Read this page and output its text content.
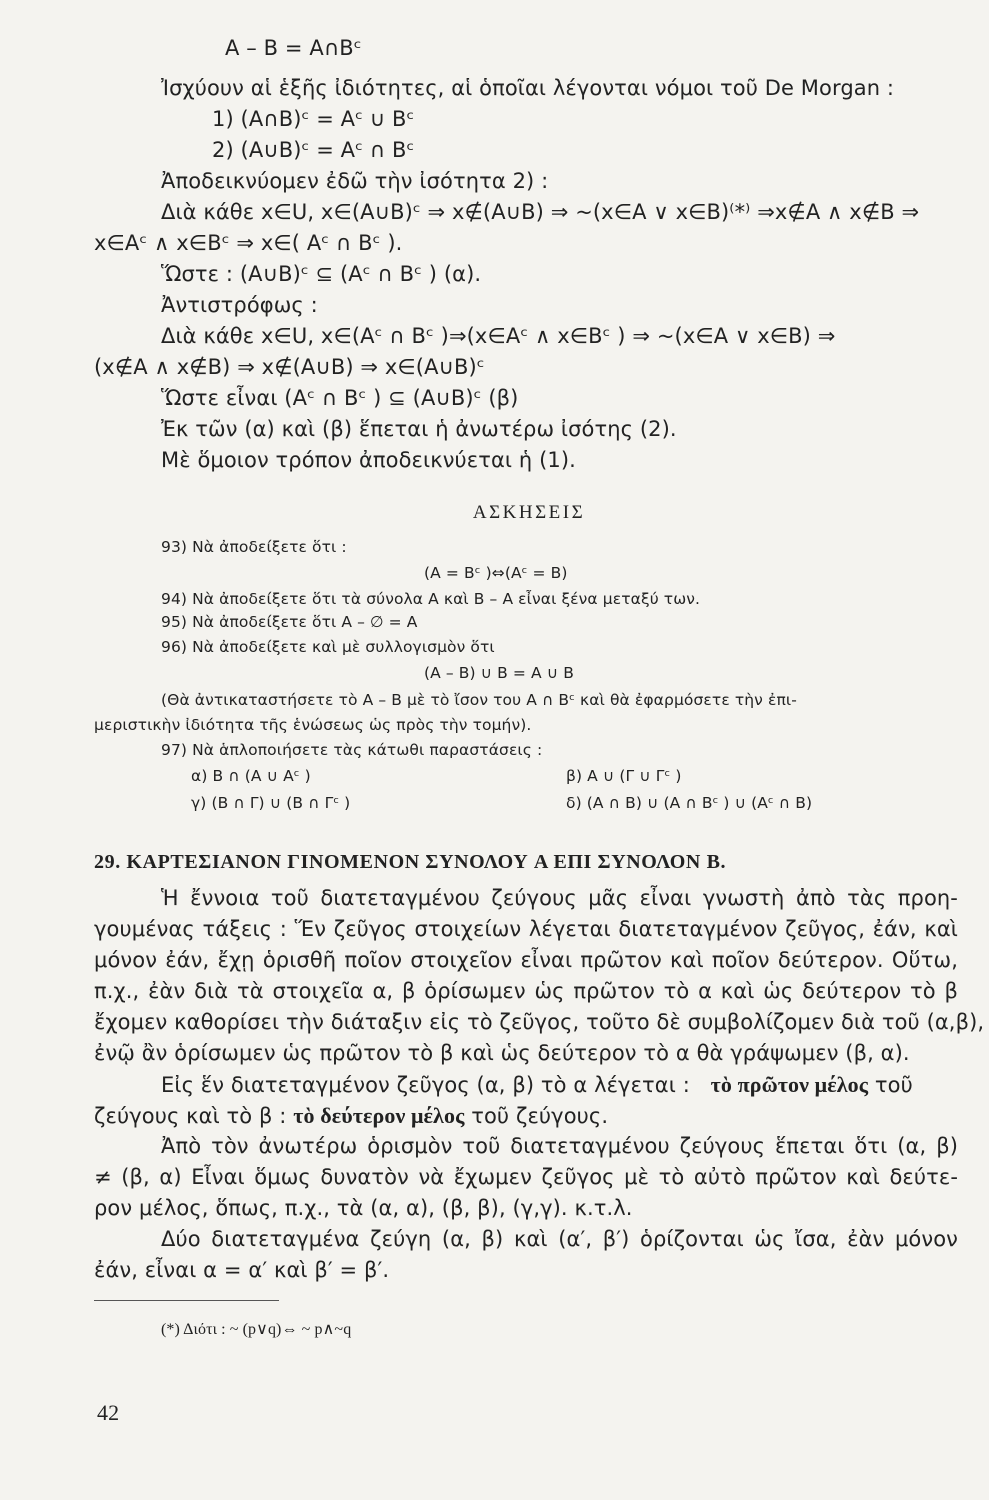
A – B = A∩Bᶜ
Ἰσχύουν αἱ ἑξῆς ἰδιότητες, αἱ ὁποῖαι λέγονται νόμοι τοῦ De Morgan :
1) (A∩B)ᶜ = Aᶜ ∪ Bᶜ
2) (A∪B)ᶜ = Aᶜ ∩ Bᶜ
Ἀποδεικνύομεν ἐδῶ τὴν ἰσότητα 2) :
Διὰ κάθε x∈U, x∈(A∪B)ᶜ ⇒ x∉(A∪B) ⇒ ~(x∈A ∨ x∈B)⁽*⁾ ⇒x∉A ∧ x∉B ⇒
x∈Aᶜ ∧ x∈Bᶜ ⇒ x∈( Aᶜ ∩ Bᶜ ).
Ὥστε : (A∪B)ᶜ ⊆ (Aᶜ ∩ Bᶜ ) (α).
Ἀντιστρόφως :
Διὰ κάθε x∈U, x∈(Aᶜ ∩ Bᶜ )⇒(x∈Aᶜ ∧ x∈Bᶜ ) ⇒ ~(x∈A ∨ x∈B) ⇒
(x∉A ∧ x∉B) ⇒ x∉(A∪B) ⇒ x∈(A∪B)ᶜ
Ὥστε εἶναι (Aᶜ ∩ Bᶜ ) ⊆ (A∪B)ᶜ (β)
Ἐκ τῶν (α) καὶ (β) ἕπεται ἡ ἀνωτέρω ἰσότης (2).
Μὲ ὅμοιον τρόπον ἀποδεικνύεται ἡ (1).
ΑΣΚΗΣΕΙΣ
93) Νὰ ἀποδείξετε ὅτι :
(A = Bᶜ )⇔(Aᶜ = B)
94) Νὰ ἀποδείξετε ὅτι τὰ σύνολα A καὶ B – A εἶναι ξένα μεταξύ των.
95) Νὰ ἀποδείξετε ὅτι A – ∅ = A
96) Νὰ ἀποδείξετε καὶ μὲ συλλογισμὸν ὅτι
(A – B) ∪ B = A ∪ B
(Θὰ ἀντικαταστήσετε τὸ A – B μὲ τὸ ἴσον του A ∩ Bᶜ καὶ θὰ ἐφαρμόσετε τὴν ἐπι-
μεριστικὴν ἰδιότητα τῆς ἑνώσεως ὡς πρὸς τὴν τομήν).
97) Νὰ ἁπλοποιήσετε τὰς κάτωθι παραστάσεις :
α) B ∩ (A ∪ Aᶜ )	β) A ∪ (Γ ∪ Γᶜ )
γ) (B ∩ Γ) ∪ (B ∩ Γᶜ )	δ) (A ∩ B) ∪ (A ∩ Bᶜ ) ∪ (Aᶜ ∩ B)
29. ΚΑΡΤΕΣΙΑΝΟΝ ΓΙΝΟΜΕΝΟΝ ΣΥΝΟΛΟΥ A ΕΠΙ ΣΥΝΟΛΟΝ B.
Ἡ ἔννοια τοῦ διατεταγμένου ζεύγους μᾶς εἶναι γνωστὴ ἀπὸ τὰς προη-
γουμένας τάξεις : Ἕν ζεῦγος στοιχείων λέγεται διατεταγμένον ζεῦγος, ἐάν, καὶ
μόνον ἐάν, ἔχῃ ὁρισθῆ ποῖον στοιχεῖον εἶναι πρῶτον καὶ ποῖον δεύτερον. Οὕτω,
π.χ., ἐὰν διὰ τὰ στοιχεῖα α, β ὁρίσωμεν ὡς πρῶτον τὸ α καὶ ὡς δεύτερον τὸ β
ἔχομεν καθορίσει τὴν διάταξιν εἰς τὸ ζεῦγος, τοῦτο δὲ συμβολίζομεν διὰ τοῦ (α,β),
ἐνῷ ἂν ὁρίσωμεν ὡς πρῶτον τὸ β καὶ ὡς δεύτερον τὸ α θὰ γράψωμεν (β, α).
Εἰς ἕν διατεταγμένον ζεῦγος (α, β) τὸ α λέγεται : τὸ πρῶτον μέλος τοῦ
ζεύγους καὶ τὸ β : τὸ δεύτερον μέλος τοῦ ζεύγους.
Ἀπὸ τὸν ἀνωτέρω ὁρισμὸν τοῦ διατεταγμένου ζεύγους ἕπεται ὅτι (α, β)
≠ (β, α) Εἶναι ὅμως δυνατὸν νὰ ἔχωμεν ζεῦγος μὲ τὸ αὐτὸ πρῶτον καὶ δεύτε-
ρον μέλος, ὅπως, π.χ., τὰ (α, α), (β, β), (γ,γ). κ.τ.λ.
Δύο διατεταγμένα ζεύγη (α, β) καὶ (α′, β′) ὁρίζονται ὡς ἴσα, ἐὰν μόνον
ἐάν, εἶναι α = α′ καὶ β′ = β′.
(*) Διότι : ~ (p∨q)⇔ ~ p∧~q
42
